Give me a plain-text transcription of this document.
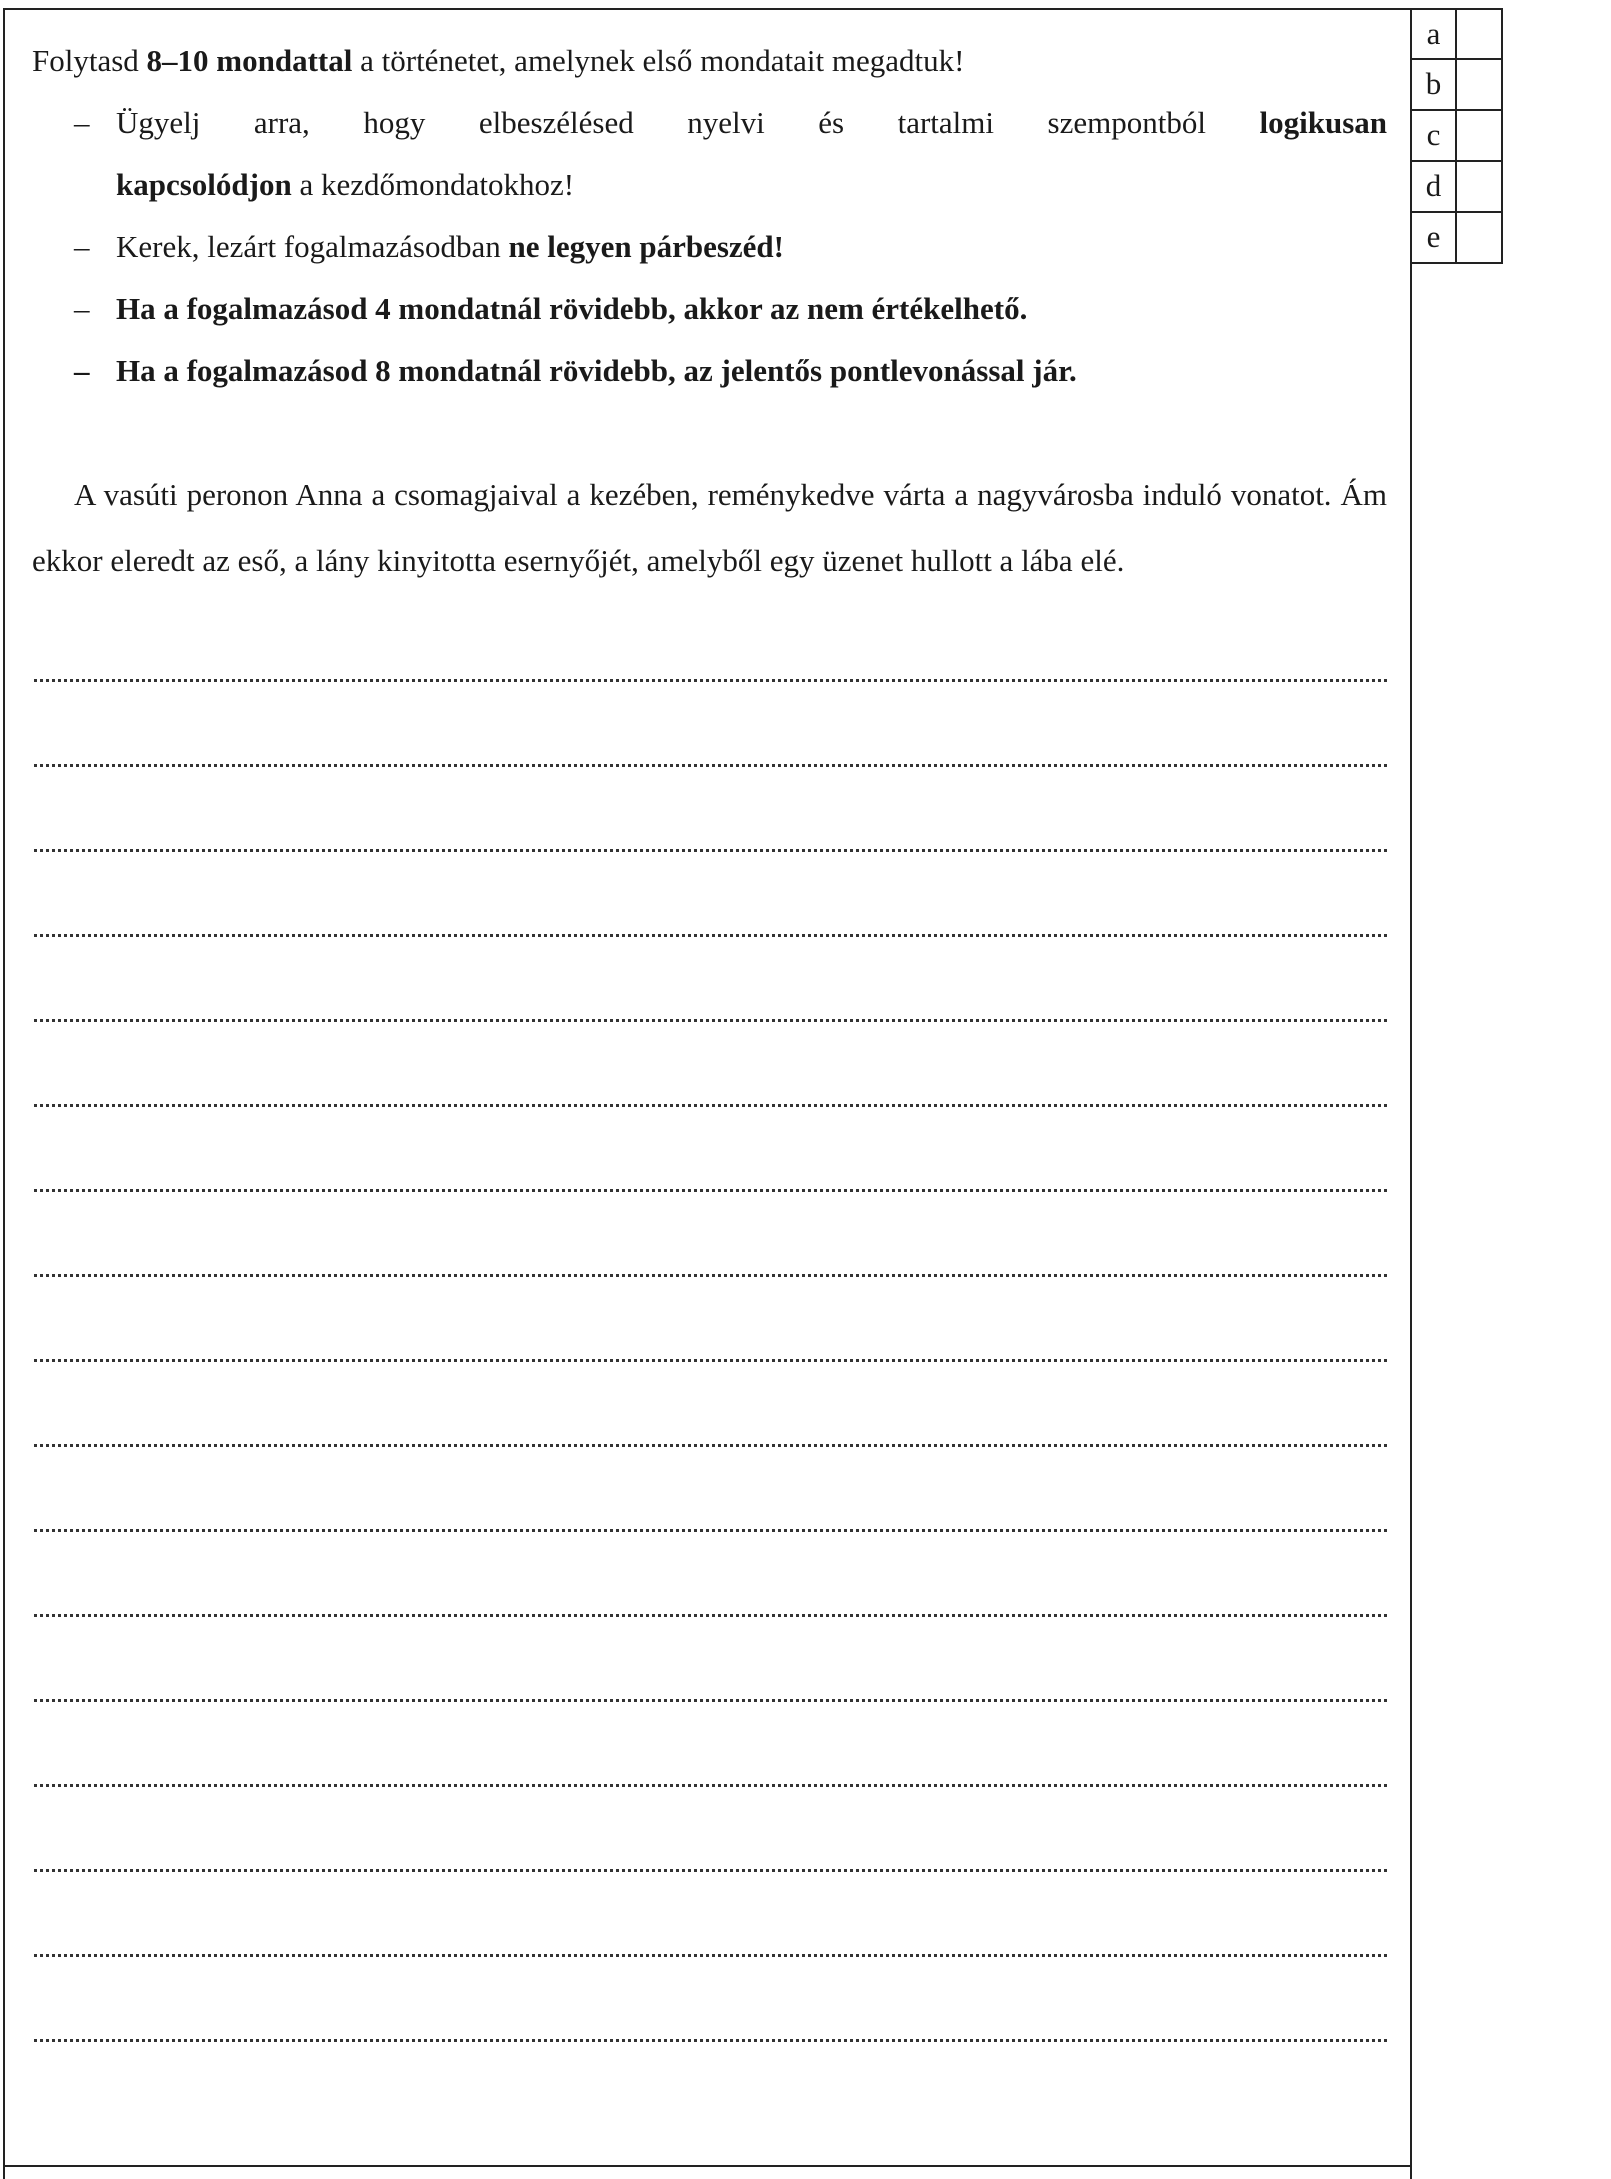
a
b
c
d
e

Folytasd 8–10 mondattal a történetet, amelynek első mondatait megadtuk!

– Ügyelj arra, hogy elbeszélésed nyelvi és tartalmi szempontból logikusan
kapcsolódjon a kezdőmondatokhoz!
– Kerek, lezárt fogalmazásodban ne legyen párbeszéd!
– Ha a fogalmazásod 4 mondatnál rövidebb, akkor az nem értékelhető.
– Ha a fogalmazásod 8 mondatnál rövidebb, az jelentős pontlevonással jár.

A vasúti peronon Anna a csomagjaival a kezében, reménykedve várta a nagyvárosba induló vonatot. Ám ekkor eleredt az eső, a lány kinyitotta esernyőjét, amelyből egy üzenet hullott a lába elé.
